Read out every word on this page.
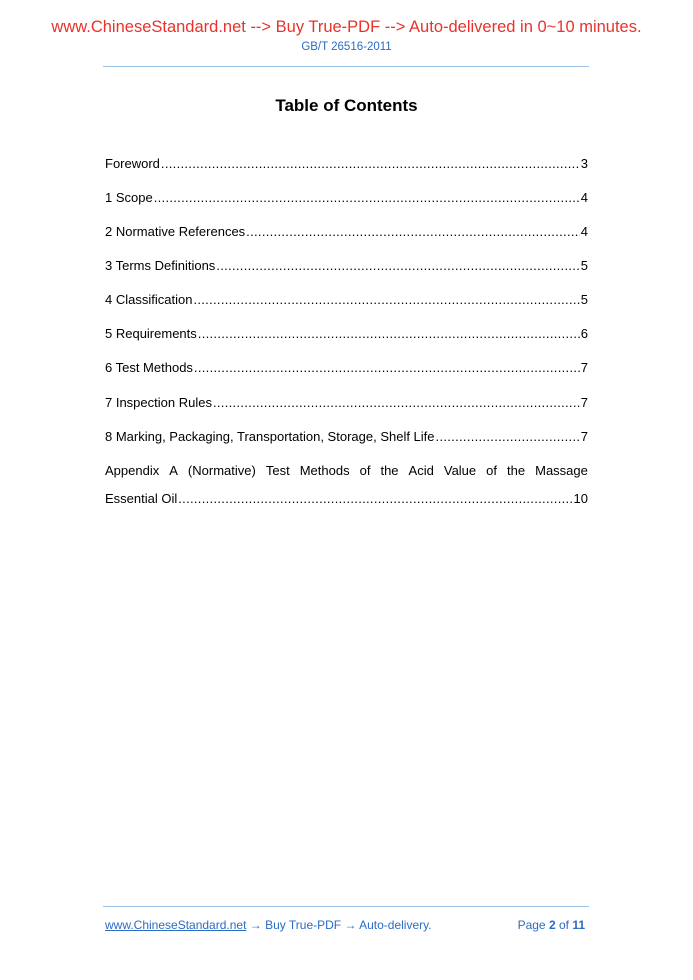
www.ChineseStandard.net --> Buy True-PDF --> Auto-delivered in 0~10 minutes.
GB/T 26516-2011
Table of Contents
Foreword .....	3
1 Scope .....	4
2 Normative References .....	4
3 Terms Definitions .....	5
4 Classification .....	5
5 Requirements .....	6
6 Test Methods .....	7
7 Inspection Rules .....	7
8 Marking, Packaging, Transportation, Storage, Shelf Life .....	7
Appendix A (Normative) Test Methods of the Acid Value of the Massage
Essential Oil .....	10
www.ChineseStandard.net → Buy True-PDF → Auto-delivery.	Page 2 of 11
